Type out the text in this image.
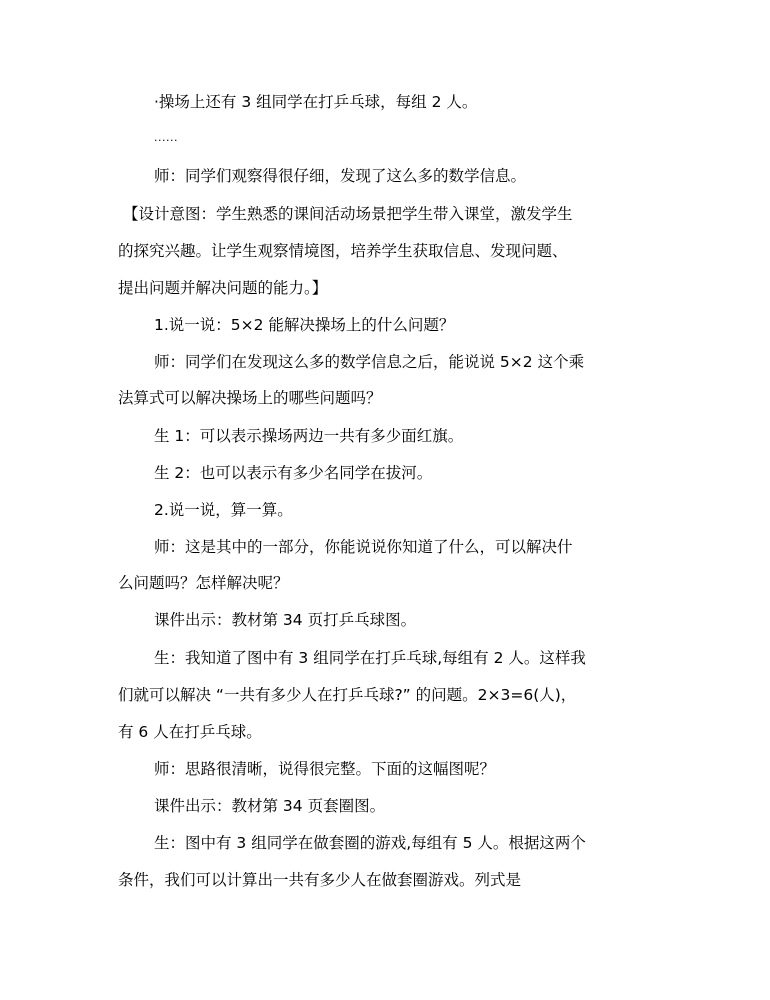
·操场上还有 3 组同学在打乒乓球，每组 2 人。
......
师：同学们观察得很仔细，发现了这么多的数学信息。
【设计意图：学生熟悉的课间活动场景把学生带入课堂，激发学生
的探究兴趣。让学生观察情境图，培养学生获取信息、发现问题、
提出问题并解决问题的能力。】
1.说一说：5×2 能解决操场上的什么问题？
师：同学们在发现这么多的数学信息之后，能说说 5×2 这个乘
法算式可以解决操场上的哪些问题吗？
生 1：可以表示操场两边一共有多少面红旗。
生 2：也可以表示有多少名同学在拔河。
2.说一说，算一算。
师：这是其中的一部分，你能说说你知道了什么，可以解决什
么问题吗？怎样解决呢？
课件出示：教材第 34 页打乒乓球图。
生：我知道了图中有 3 组同学在打乒乓球,每组有 2 人。这样我
们就可以解决 “一共有多少人在打乒乓球?” 的问题。2×3=6(人)，
有 6 人在打乒乓球。
师：思路很清晰，说得很完整。下面的这幅图呢？
课件出示：教材第 34 页套圈图。
生：图中有 3 组同学在做套圈的游戏,每组有 5 人。根据这两个
条件，我们可以计算出一共有多少人在做套圈游戏。列式是
